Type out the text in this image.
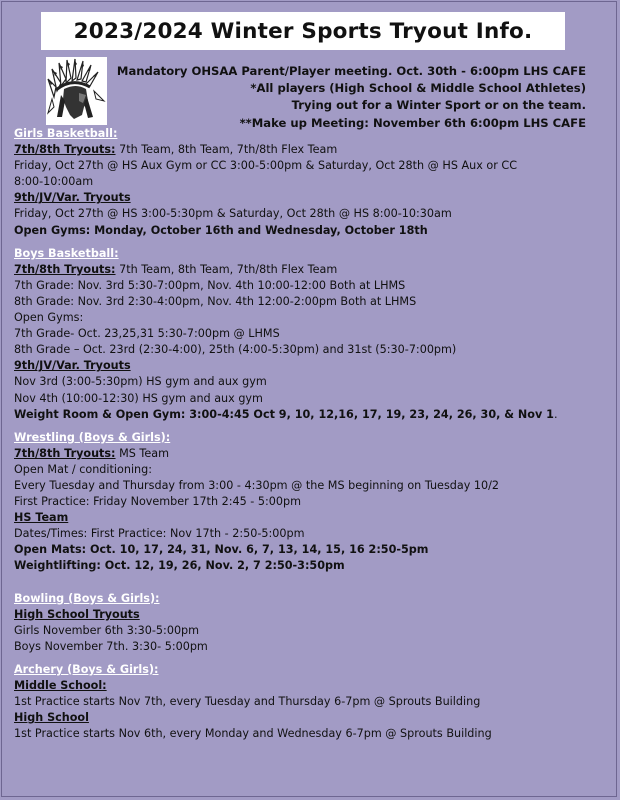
2023/2024 Winter Sports Tryout Info.
Mandatory OHSAA Parent/Player meeting. Oct. 30th - 6:00pm LHS CAFE
*All players (High School & Middle School Athletes)
Trying out for a Winter Sport or on the team.
**Make up Meeting: November 6th 6:00pm LHS CAFE
Girls Basketball:
7th/8th Tryouts: 7th Team, 8th Team, 7th/8th Flex Team
Friday, Oct 27th @ HS Aux Gym or CC 3:00-5:00pm & Saturday, Oct 28th @ HS Aux or CC
8:00-10:00am
9th/JV/Var. Tryouts
Friday, Oct 27th @ HS 3:00-5:30pm & Saturday, Oct 28th @ HS 8:00-10:30am
Open Gyms: Monday, October 16th and Wednesday, October 18th
Boys Basketball:
7th/8th Tryouts: 7th Team, 8th Team, 7th/8th Flex Team
7th Grade: Nov. 3rd 5:30-7:00pm, Nov. 4th 10:00-12:00 Both at LHMS
8th Grade: Nov. 3rd 2:30-4:00pm, Nov. 4th 12:00-2:00pm Both at LHMS
Open Gyms:
7th Grade- Oct. 23,25,31 5:30-7:00pm @ LHMS
8th Grade – Oct. 23rd (2:30-4:00), 25th (4:00-5:30pm) and 31st (5:30-7:00pm)
9th/JV/Var. Tryouts
Nov 3rd (3:00-5:30pm) HS gym and aux gym
Nov 4th (10:00-12:30) HS gym and aux gym
Weight Room & Open Gym: 3:00-4:45 Oct 9, 10, 12,16, 17, 19, 23, 24, 26, 30, & Nov 1.
Wrestling (Boys & Girls):
7th/8th Tryouts: MS Team
Open Mat / conditioning:
Every Tuesday and Thursday from 3:00 - 4:30pm @ the MS beginning on Tuesday 10/2
First Practice: Friday November 17th 2:45 - 5:00pm
HS Team
Dates/Times: First Practice: Nov 17th - 2:50-5:00pm
Open Mats: Oct. 10, 17, 24, 31, Nov. 6, 7, 13, 14, 15, 16 2:50-5pm
Weightlifting: Oct. 12, 19, 26, Nov. 2, 7 2:50-3:50pm
Bowling (Boys & Girls):
High School Tryouts
Girls November 6th 3:30-5:00pm
Boys November 7th. 3:30- 5:00pm
Archery (Boys & Girls):
Middle School:
1st Practice starts Nov 7th, every Tuesday and Thursday 6-7pm @ Sprouts Building
High School
1st Practice starts Nov 6th, every Monday and Wednesday 6-7pm @ Sprouts Building
